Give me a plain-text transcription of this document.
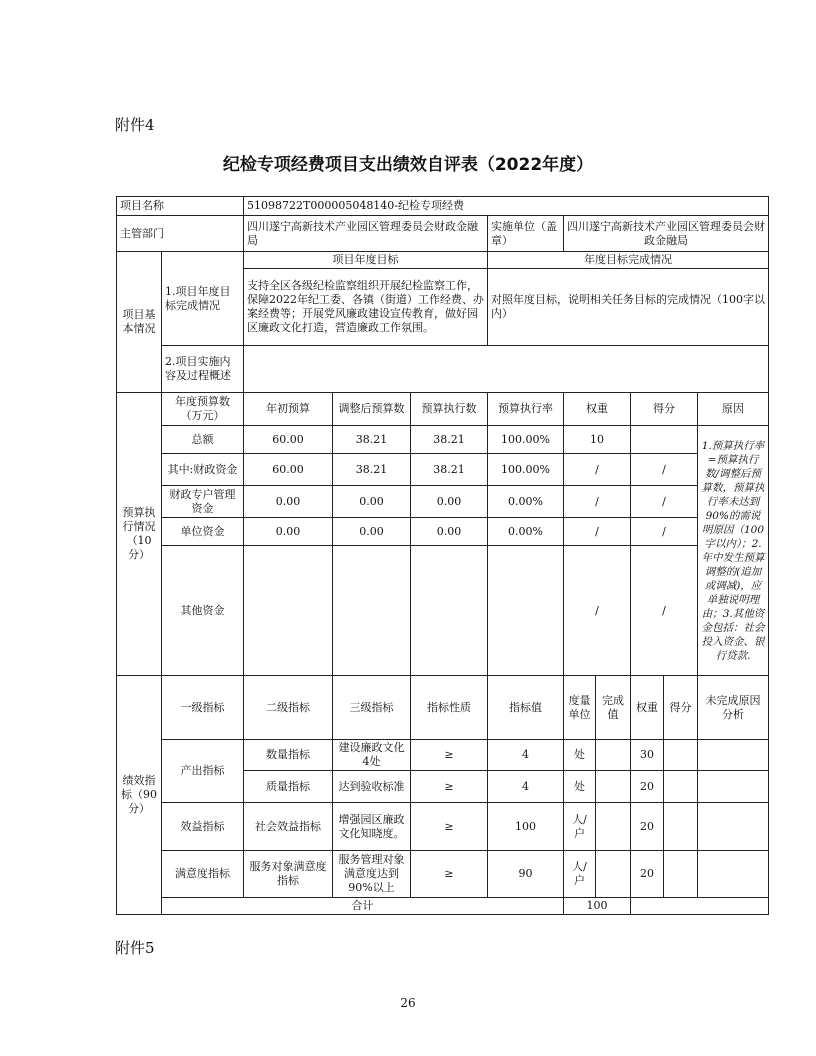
附件4
纪检专项经费项目支出绩效自评表（2022年度）
项目名称		51098722T000005048140-纪检专项经费								
主管部门		四川遂宁高新技术产业园区管理委员会财政金融局			实施单位（盖章）	四川遂宁高新技术产业园区管理委员会财政金融局				
项目基本情况	1.项目年度目标完成情况	项目年度目标			年度目标完成情况					
		支持全区各级纪检监察组织开展纪检监察工作，保障2022年纪工委、各镇（街道）工作经费、办案经费等；开展党风廉政建设宣传教育，做好园区廉政文化打造，营造廉政工作氛围。			对照年度目标，说明相关任务目标的完成情况（100字以内）					
	2.项目实施内容及过程概述									
预算执行情况（10分）	年度预算数（万元）	年初预算	调整后预算数	预算执行数	预算执行率	权重		得分		原因
	总额	60.00	38.21	38.21	100.00%	10				1.预算执行率=预算执行数/调整后预算数，预算执行率未达到90%的需说明原因（100字以内）；2.年中发生预算调整的(追加或调减)，应单独说明理由；3.其他资金包括：社会投入资金、银行贷款.
	其中:财政资金	60.00	38.21	38.21	100.00%	/		/		
	财政专户管理资金	0.00	0.00	0.00	0.00%	/		/		
	单位资金	0.00	0.00	0.00	0.00%	/		/		
	其他资金					/		/		
绩效指标（90分）	一级指标	二级指标	三级指标	指标性质	指标值	度量单位	完成值	权重	得分	未完成原因分析
	产出指标	数量指标	建设廉政文化4处	≥	4	处		30		
		质量指标	达到验收标准	≥	4	处		20		
	效益指标	社会效益指标	增强园区廉政文化知晓度。	≥	100	人/户		20		
	满意度指标	服务对象满意度指标	服务管理对象满意度达到90%以上	≥	90	人/户		20		
	合计					100				
附件5
26
